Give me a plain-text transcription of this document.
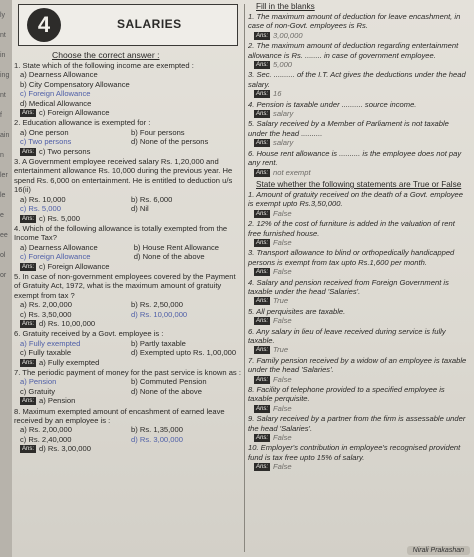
ly
nt
in
ing
nt
f
ain
n
ler
le
e
ee
ol
or
4	SALARIES
Choose the correct answer :
1. State which of the following income are exempted :
a) Dearness Allowance
b) City Compensatory Allowance
c) Foreign Allowance
d) Medical Allowance
Ans: c) Foreign Allowance
2. Education allowance is exempted for :
a) One person	b) Four persons
c) Two persons	d) None of the persons
Ans: c) Two persons
3. A Government employee received salary Rs. 1,20,000 and entertainment allowance Rs. 10,000 during the previous year. He spend Rs. 6,000 on entertainment. He is entitled to deduction u/s 16(ii)
a) Rs. 10,000	b) Rs. 6,000
c) Rs. 5,000	d) Nil
Ans: c) Rs. 5,000
4. Which of the following allowance is totally exempted from the Income Tax?
a) Dearness Allowance	b) House Rent Allowance
c) Foreign Allowance	d) None of the above
Ans: c) Foreign Allowance
5. In case of non-government employees covered by the Payment of Gratuity Act, 1972, what is the maximum amount of gratuity exempt from tax ?
a) Rs. 2,00,000	b) Rs. 2,50,000
c) Rs. 3,50,000	d) Rs. 10,00,000
Ans: d) Rs. 10,00,000
6. Gratuity received by a Govt. employee is :
a) Fully exempted	b) Partly taxable
c) Fully taxable	d) Exempted upto Rs. 1,00,000
Ans: a) Fully exempted
7. The periodic payment of money for the past service is known as :
a) Pension	b) Commuted Pension
c) Gratuity	d) None of the above
Ans: a) Pension
8. Maximum exempted amount of encashment of earned leave received by an employee is :
a) Rs. 2,00,000	b) Rs. 1,35,000
c) Rs. 2,40,000	d) Rs. 3,00,000
Ans: d) Rs. 3,00,000
Fill in the blanks
1. The maximum amount of deduction for leave encashment, in case of non-Govt. employees is Rs.
Ans: 3,00,000
2. The maximum amount of deduction regarding entertainment allowance is Rs. ........ in case of government employee.
Ans: 5,000
3. Sec. .......... of the I.T. Act gives the deductions under the head salary.
Ans: 16
4. Pension is taxable under .......... source income.
Ans: salary
5. Salary received by a Member of Parliament is not taxable under the head ..........
Ans: salary
6. House rent allowance is .......... is the employee does not pay any rent.
Ans: not exempt
State whether the following statements are True or False
1. Amount of gratuity received on the death of a Govt. employee is exempt upto Rs.3,50,000.
Ans: False
2. 12% of the cost of furniture is added in the valuation of rent free furnished house.
Ans: False
3. Transport allowance to blind or orthopedically handicapped persons is exempt from tax upto Rs.1,600 per month.
Ans: False
4. Salary and pension received from Foreign Government is taxable under the head 'Salaries'.
Ans: True
5. All perquisites are taxable.
Ans: False
6. Any salary in lieu of leave received during service is fully taxable.
Ans: True
7. Family pension received by a widow of an employee is taxable under the head 'Salaries'.
Ans: False
8. Facility of telephone provided to a specified employee is taxable perquisite.
Ans: False
9. Salary received by a partner from the firm is assessable under the head 'Salaries'.
Ans: False
10. Employer's contribution in employee's recognised provident fund is tax free upto 15% of salary.
Ans: False
Nirali Prakashan
